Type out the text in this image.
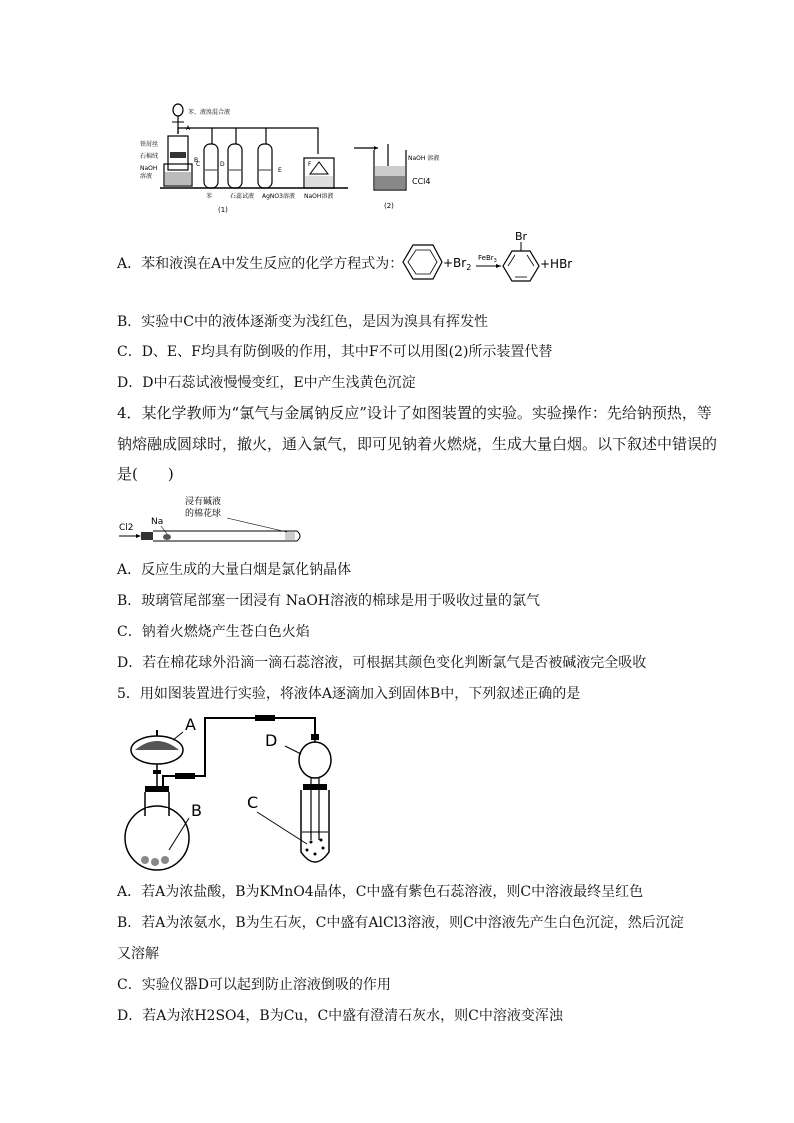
苯、液溴混合液
A
铁屑丝
石棉绒
NaOH
溶液
B
C	D
E
F
苯	石蕊试液 AgNO3溶液 NaOH溶液
(1)
NaOH 溶液
CCl4
(2)
A．苯和液溴在A中发生反应的化学方程式为：	$+Br_2$
FeBr$_3$
Br
+HBr
B．实验中C中的液体逐渐变为浅红色，是因为溴具有挥发性
C．D、E、F均具有防倒吸的作用，其中F不可以用图(2)所示装置代替
D．D中石蕊试液慢慢变红，E中产生浅黄色沉淀
4．某化学教师为“氯气与金属钠反应”设计了如图装置的实验。实验操作：先给钠预热，等
钠熔融成圆球时，撤火，通入氯气，即可见钠着火燃烧，生成大量白烟。以下叙述中错误的
是(　　)
Cl2
Na
浸有碱液
的棉花球
A．反应生成的大量白烟是氯化钠晶体
B．玻璃管尾部塞一团浸有 NaOH溶液的棉球是用于吸收过量的氯气
C．钠着火燃烧产生苍白色火焰
D．若在棉花球外沿滴一滴石蕊溶液，可根据其颜色变化判断氯气是否被碱液完全吸收
5．用如图装置进行实验，将液体A逐滴加入到固体B中，下列叙述正确的是
A
B
D
C
A．若A为浓盐酸，B为KMnO4晶体，C中盛有紫色石蕊溶液，则C中溶液最终呈红色
B．若A为浓氨水，B为生石灰，C中盛有AlCl3溶液，则C中溶液先产生白色沉淀，然后沉淀
又溶解
C．实验仪器D可以起到防止溶液倒吸的作用
D．若A为浓H2SO4，B为Cu，C中盛有澄清石灰水，则C中溶液变浑浊
